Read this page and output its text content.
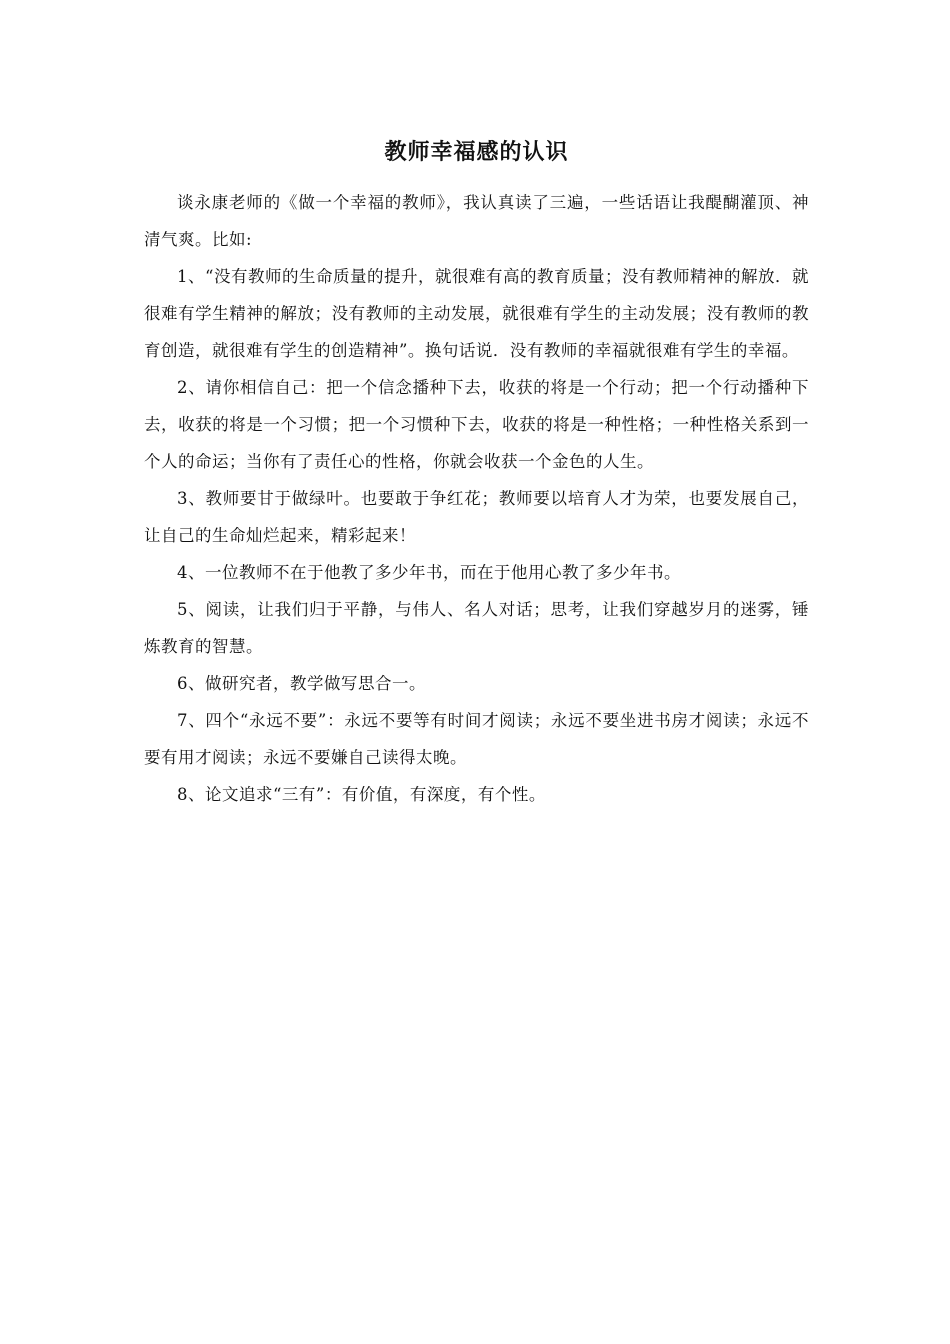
教师幸福感的认识

谈永康老师的《做一个幸福的教师》，我认真读了三遍，一些话语让我醍醐灌顶、神清气爽。比如:

1、“没有教师的生命质量的提升，就很难有高的教育质量；没有教师精神的解放．就很难有学生精神的解放；没有教师的主动发展，就很难有学生的主动发展；没有教师的教育创造，就很难有学生的创造精神”。换句话说．没有教师的幸福就很难有学生的幸福。

2、请你相信自己：把一个信念播种下去，收获的将是一个行动；把一个行动播种下去，收获的将是一个习惯；把一个习惯种下去，收获的将是一种性格；一种性格关系到一个人的命运；当你有了责任心的性格，你就会收获一个金色的人生。

3、教师要甘于做绿叶。也要敢于争红花；教师要以培育人才为荣，也要发展自己，让自己的生命灿烂起来，精彩起来！

4、一位教师不在于他教了多少年书，而在于他用心教了多少年书。

5、阅读，让我们归于平静，与伟人、名人对话；思考，让我们穿越岁月的迷雾，锤炼教育的智慧。

6、做研究者，教学做写思合一。

7、四个“永远不要”：永远不要等有时间才阅读；永远不要坐进书房才阅读；永远不要有用才阅读；永远不要嫌自己读得太晚。

8、论文追求“三有”：有价值，有深度，有个性。
